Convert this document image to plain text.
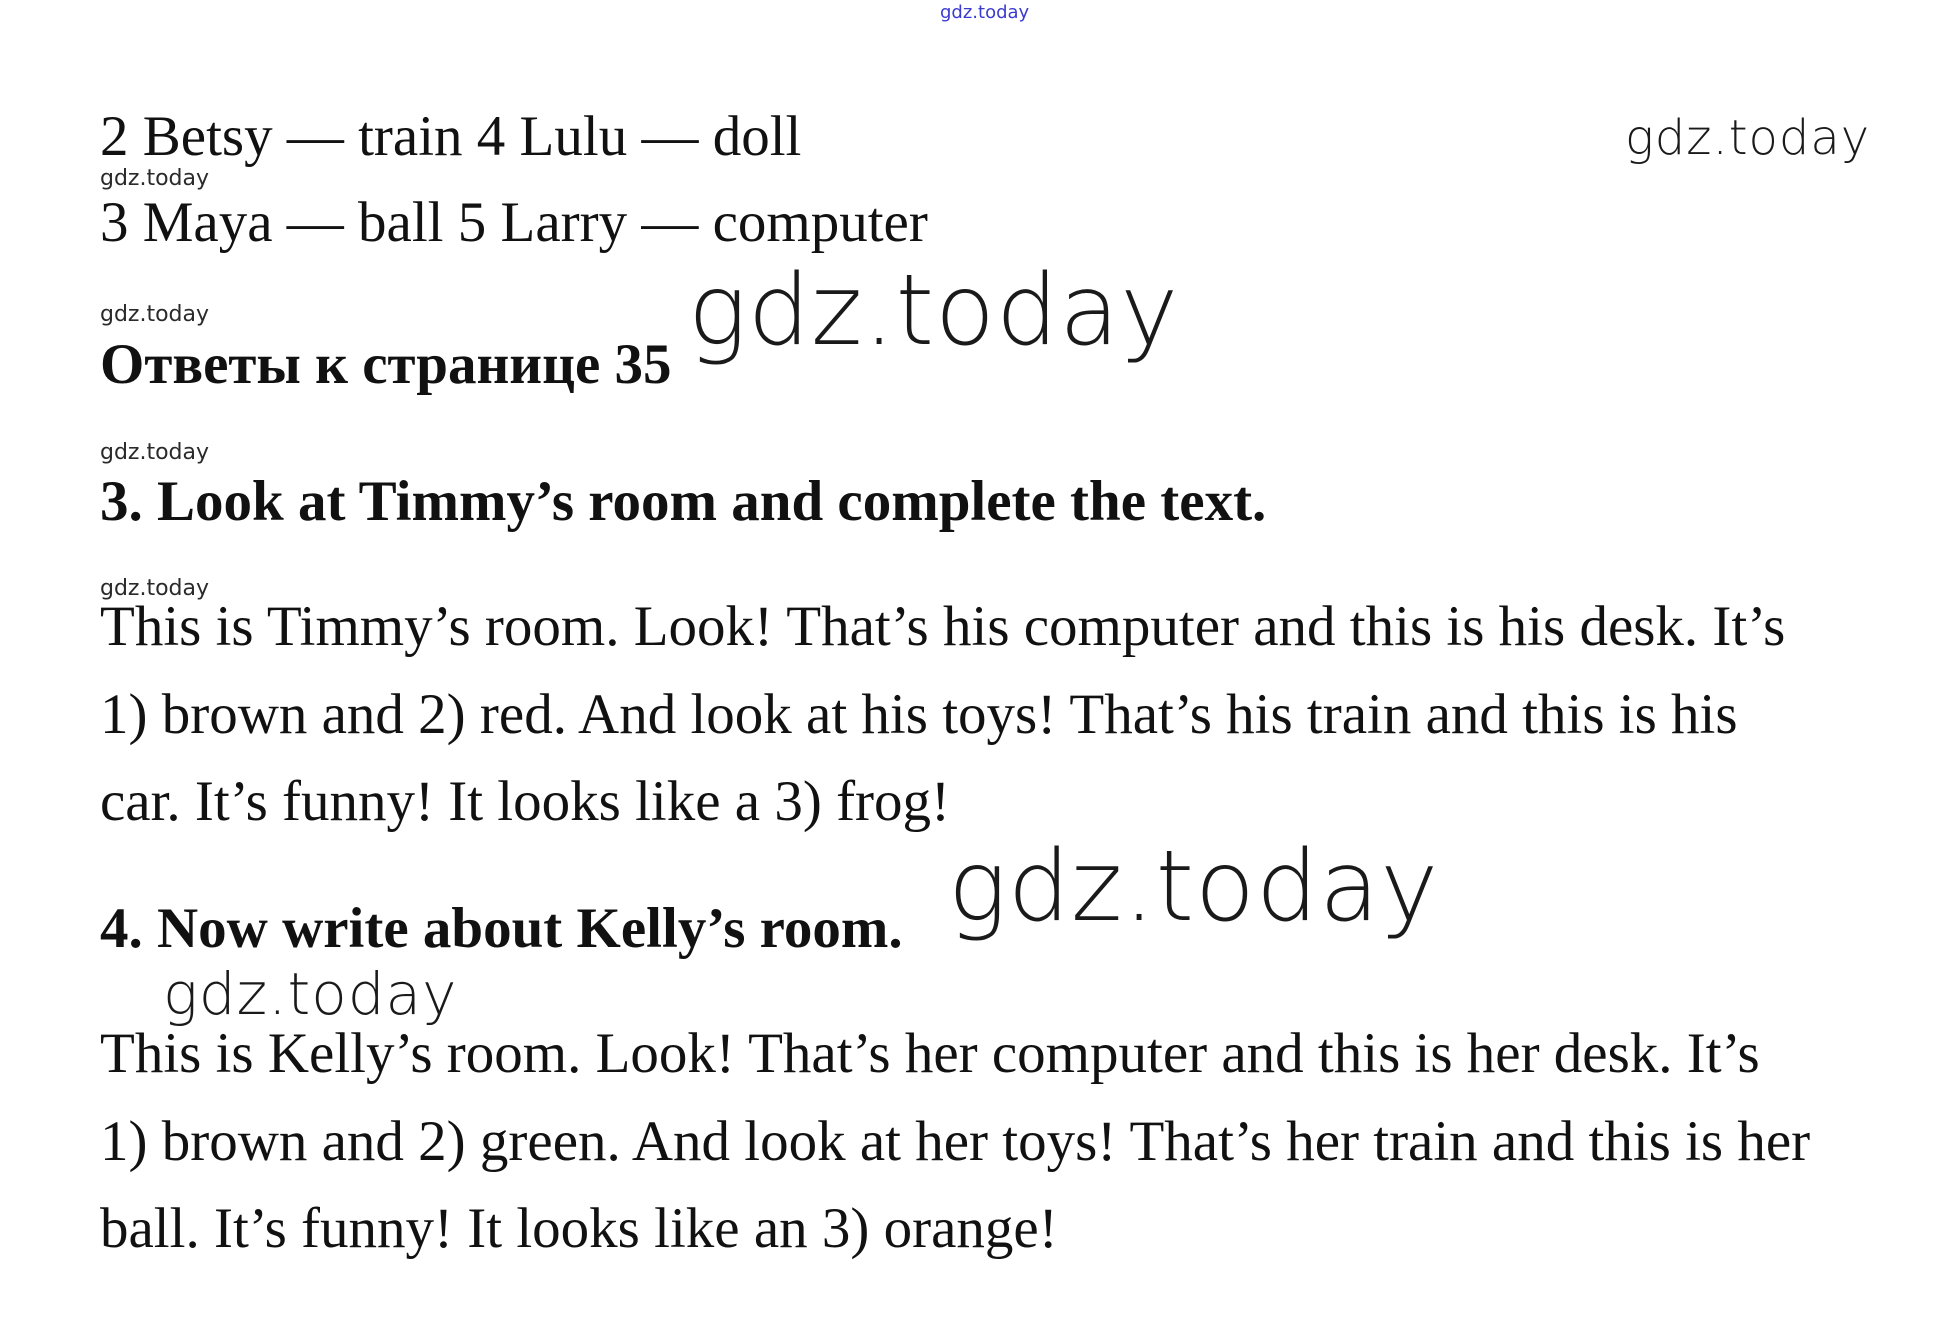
gdz.today
2 Betsy — train 4 Lulu — doll	gdz.today
gdz.today
3 Maya — ball 5 Larry — computer
gdz.today	gdz.today
Ответы к странице 35
gdz.today
3. Look at Timmy’s room and complete the text.
gdz.today
This is Timmy’s room. Look! That’s his computer and this is his desk. It’s
1) brown and 2) red. And look at his toys! That’s his train and this is his
car. It’s funny! It looks like a 3) frog!
gdz.today
4. Now write about Kelly’s room.
gdz.today
This is Kelly’s room. Look! That’s her computer and this is her desk. It’s
1) brown and 2) green. And look at her toys! That’s her train and this is her
ball. It’s funny! It looks like an 3) orange!
